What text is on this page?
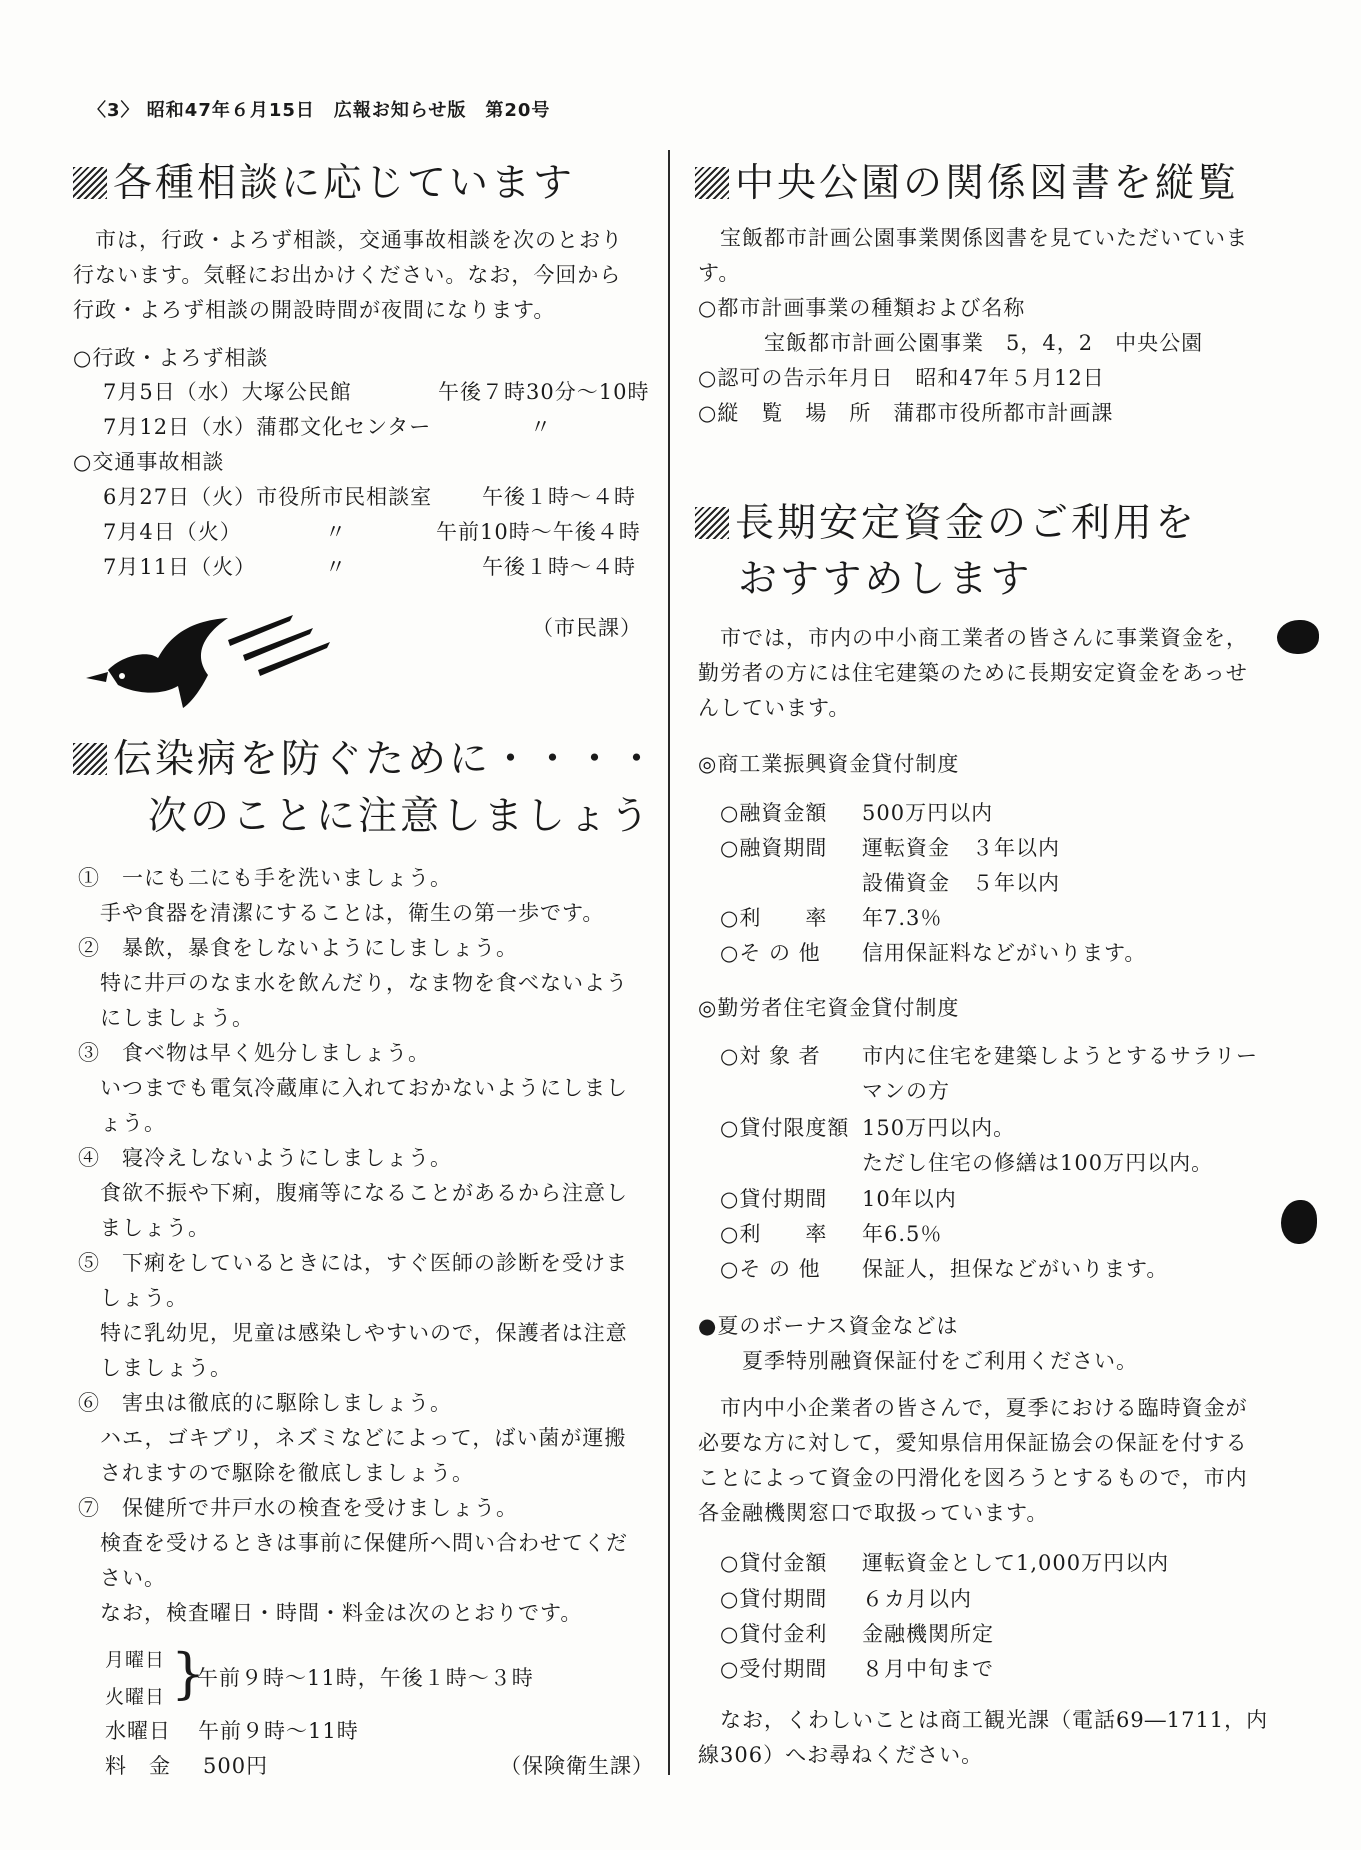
〈3〉 昭和47年６月15日　広報お知らせ版　第20号
各種相談に応じています
　市は，行政・よろず相談，交通事故相談を次のとおり
行ないます。気軽にお出かけください。なお，今回から
行政・よろず相談の開設時間が夜間になります。
○行政・よろず相談
7月5日（水）大塚公民館	午後７時30分～10時
7月12日（水）蒲郡文化センター	〃
○交通事故相談
6月27日（火）市役所市民相談室 午後１時～４時
7月4日（火）	〃	午前10時～午後４時
7月11日（火）	〃	午後１時～４時
（市民課）
伝染病を防ぐために・・・・
次のことに注意しましょう
①　一にも二にも手を洗いましょう。
　手や食器を清潔にすることは，衛生の第一歩です。
②　暴飲，暴食をしないようにしましょう。
　特に井戸のなま水を飲んだり，なま物を食べないよう
　にしましょう。
③　食べ物は早く処分しましょう。
　いつまでも電気冷蔵庫に入れておかないようにしまし
　ょう。
④　寝冷えしないようにしましょう。
　食欲不振や下痢，腹痛等になることがあるから注意し
　ましょう。
⑤　下痢をしているときには，すぐ医師の診断を受けま
　しょう。
　特に乳幼児，児童は感染しやすいので，保護者は注意
　しましょう。
⑥　害虫は徹底的に駆除しましょう。
　ハエ，ゴキブリ，ネズミなどによって，ばい菌が運搬
　されますので駆除を徹底しましょう。
⑦　保健所で井戸水の検査を受けましょう。
　検査を受けるときは事前に保健所へ問い合わせてくだ
　さい。
　なお，検査曜日・時間・料金は次のとおりです。
月曜日
火曜日 }
午前９時～11時，午後１時～３時
水曜日 午前９時～11時
料　金 500円	（保険衛生課）
中央公園の関係図書を縦覧
　宝飯都市計画公園事業関係図書を見ていただいていま
す。
○都市計画事業の種類および名称
　　　宝飯都市計画公園事業　5，4，2　中央公園
○認可の告示年月日　昭和47年５月12日
○縦　覧　場　所　蒲郡市役所都市計画課
長期安定資金のご利用を
おすすめします
　市では，市内の中小商工業者の皆さんに事業資金を，
勤労者の方には住宅建築のために長期安定資金をあっせ
んしています。
◎商工業振興資金貸付制度
○融資金額 500万円以内
○融資期間 運転資金　３年以内
設備資金　５年以内
○利　　率 年7.3％
○そ の 他 信用保証料などがいります。
◎勤労者住宅資金貸付制度
○対 象 者 市内に住宅を建築しようとするサラリー
マンの方
○貸付限度額 150万円以内。
ただし住宅の修繕は100万円以内。
○貸付期間 10年以内
○利　　率 年6.5％
○そ の 他 保証人，担保などがいります。
●夏のボーナス資金などは
　　夏季特別融資保証付をご利用ください。
　市内中小企業者の皆さんで，夏季における臨時資金が
必要な方に対して，愛知県信用保証協会の保証を付する
ことによって資金の円滑化を図ろうとするもので，市内
各金融機関窓口で取扱っています。
○貸付金額 運転資金として1,000万円以内
○貸付期間 ６カ月以内
○貸付金利 金融機関所定
○受付期間 ８月中旬まで
　なお，くわしいことは商工観光課（電話69―1711，内
線306）へお尋ねください。
